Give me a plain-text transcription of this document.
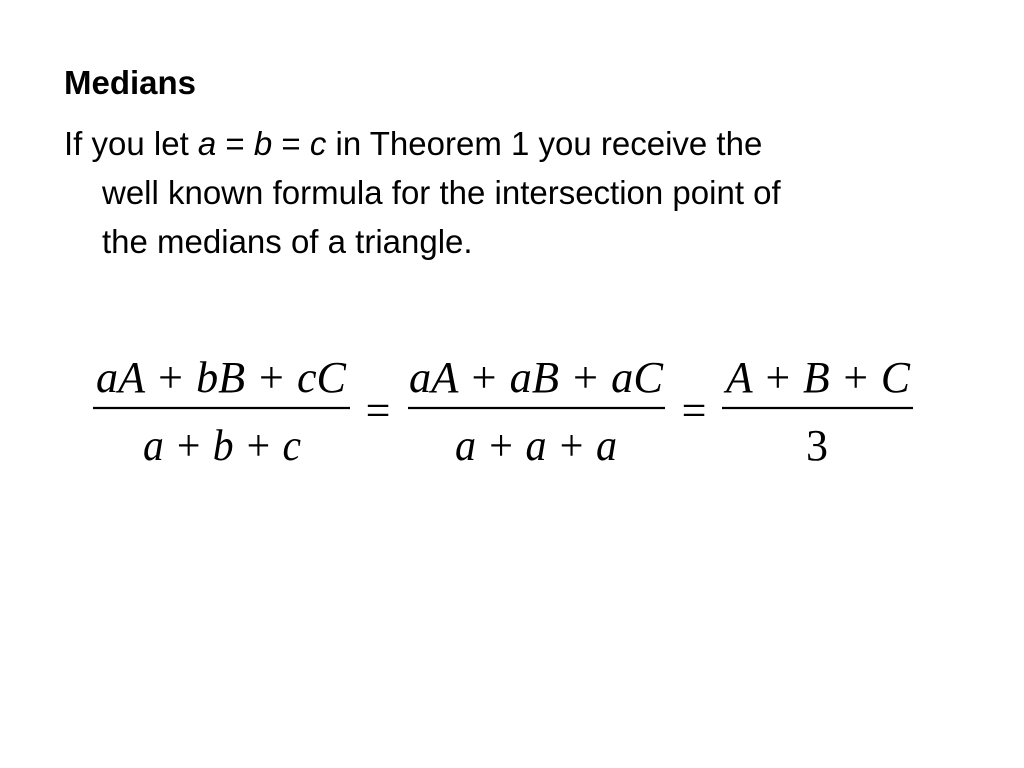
Medians
If you let a = b = c in Theorem 1 you receive the
well known formula for the intersection point of
the medians of a triangle.
aA + bB + cC
a + b + c
=
aA + aB + aC
a + a + a
=
A + B + C
3
